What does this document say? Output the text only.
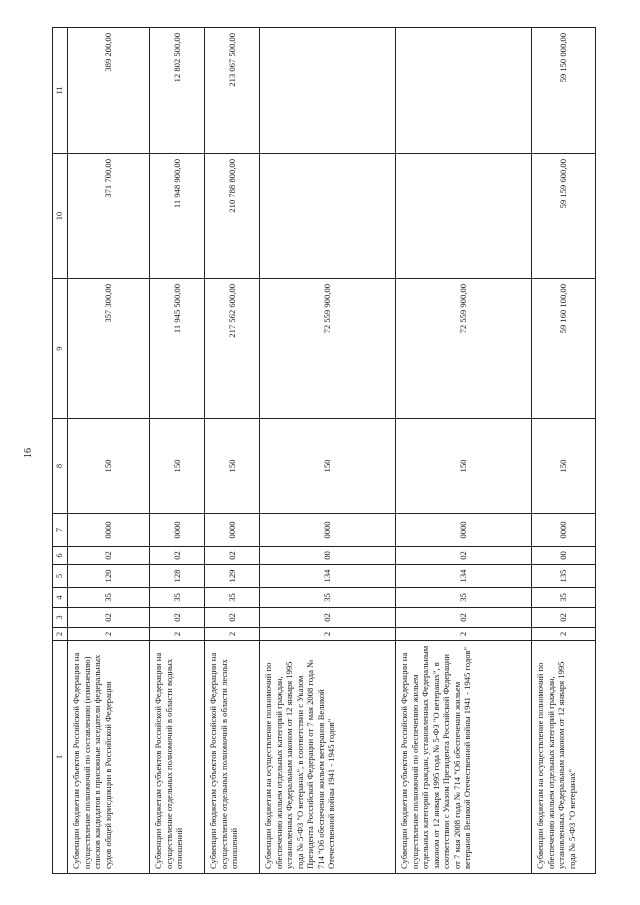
16
1	2	3	4	5	6	7	8	9	10	11
Субвенции бюджетам субъектов Российской Федерации на осуществление полномочий по составлению (изменению) списков кандидатов в присяжные заседатели федеральных судов общей юрисдикции в Российской Федерации	2	02	35	120	02	0000	150	357 300,00	371 700,00	389 200,00
Субвенции бюджетам субъектов Российской Федерации на осуществление отдельных полномочий в области водных отношений	2	02	35	128	02	0000	150	11 945 500,00	11 948 900,00	12 802 500,00
Субвенции бюджетам субъектов Российской Федерации на осуществление отдельных полномочий в области лесных отношений	2	02	35	129	02	0000	150	217 562 600,00	210 788 800,00	213 067 500,00
Субвенции бюджетам на осуществление полномочий по обеспечению жильем отдельных категорий граждан, установленных Федеральным законом от 12 января 1995 года № 5-ФЗ "О ветеранах", в соответствии с Указом Президента Российской Федерации от 7 мая 2008 года № 714 "Об обеспечении жильем ветеранов Великой Отечественной войны 1941 - 1945 годов"	2	02	35	134	00	0000	150	72 559 900,00		
Субвенции бюджетам субъектов Российской Федерации на осуществление полномочий по обеспечению жильем отдельных категорий граждан, установленных Федеральным законом от 12 января 1995 года № 5-ФЗ "О ветеранах", в соответствии с Указом Президента Российской Федерации от 7 мая 2008 года № 714 "Об обеспечении жильем ветеранов Великой Отечественной войны 1941 - 1945 годов"	2	02	35	134	02	0000	150	72 559 900,00		
Субвенции бюджетам на осуществление полномочий по обеспечению жильем отдельных категорий граждан, установленных Федеральным законом от 12 января 1995 года № 5-ФЗ "О ветеранах"	2	02	35	135	00	0000	150	59 160 100,00	59 159 600,00	59 150 000,00
